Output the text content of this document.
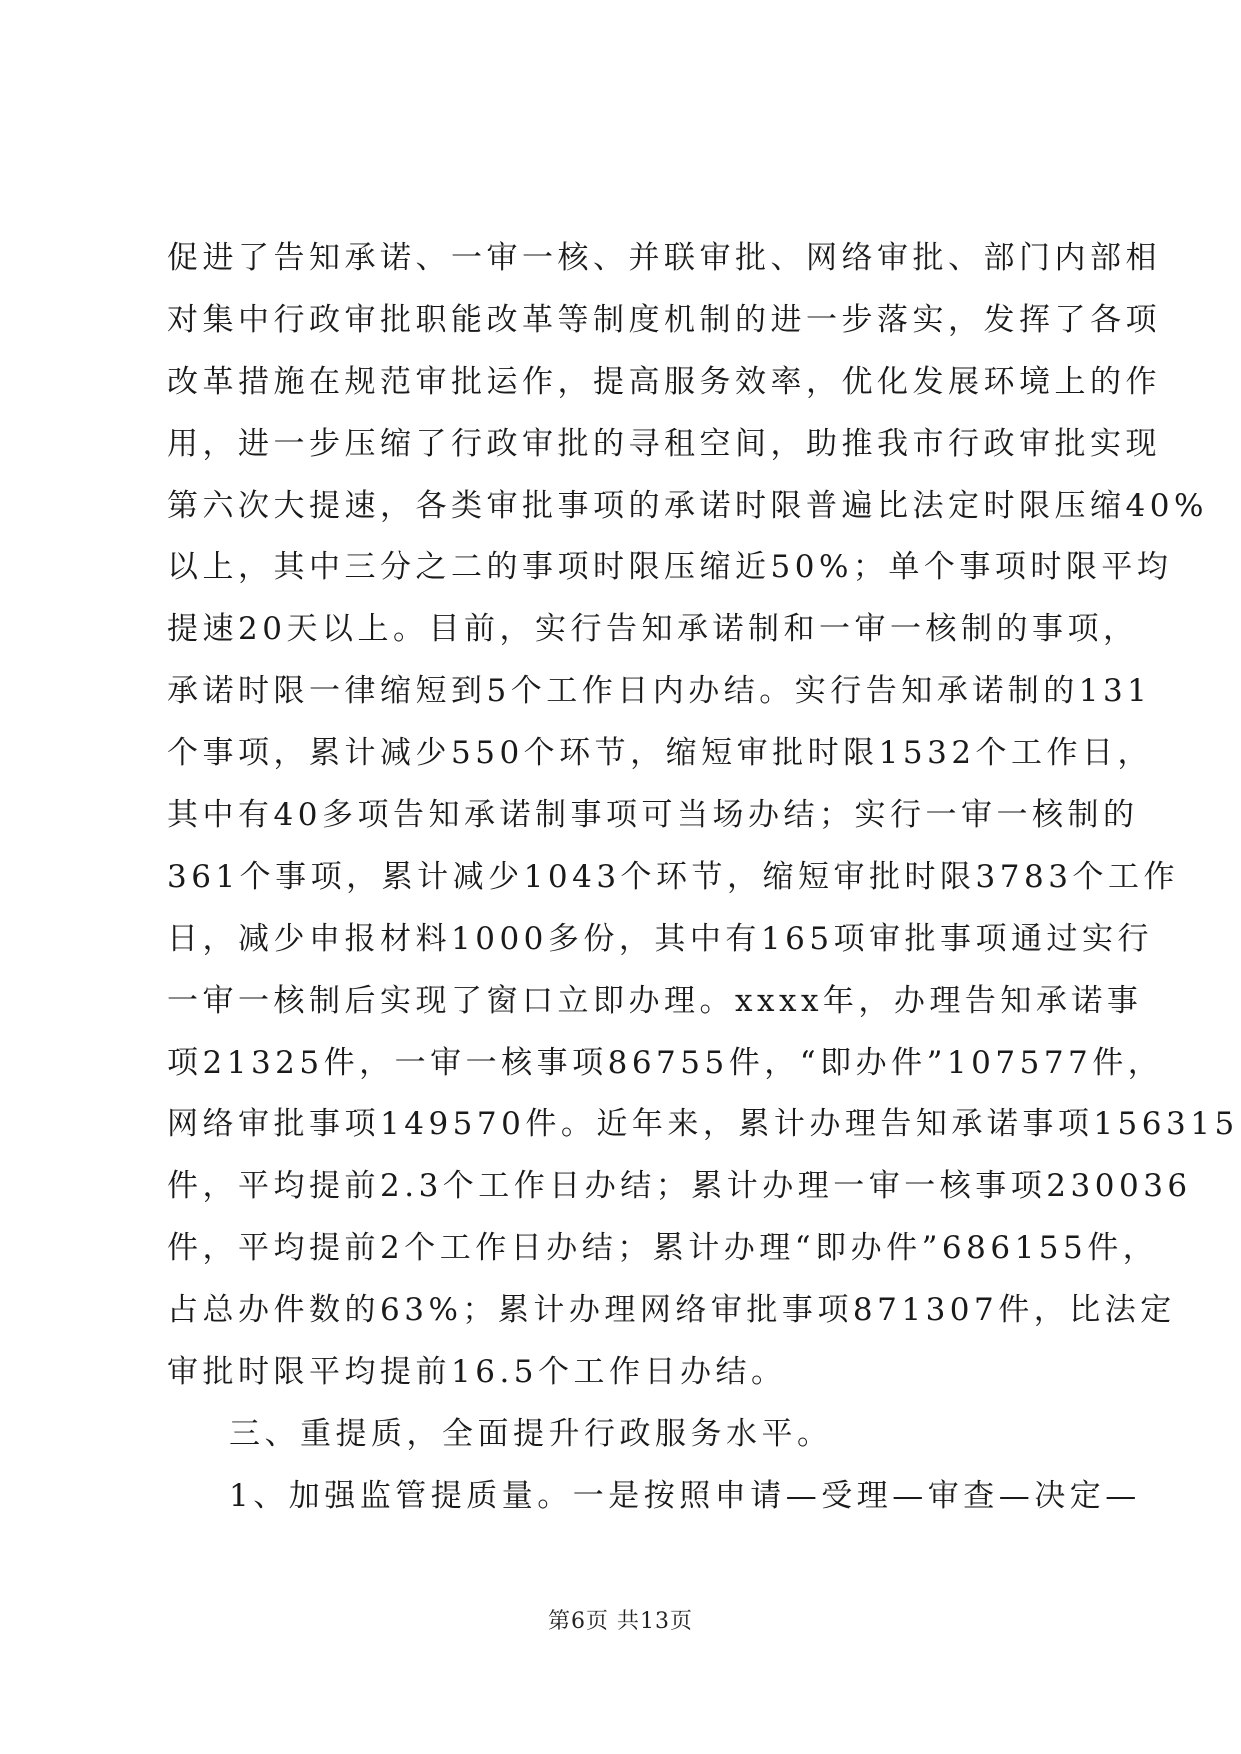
促进了告知承诺、一审一核、并联审批、网络审批、部门内部相
对集中行政审批职能改革等制度机制的进一步落实，发挥了各项
改革措施在规范审批运作，提高服务效率，优化发展环境上的作
用，进一步压缩了行政审批的寻租空间，助推我市行政审批实现
第六次大提速，各类审批事项的承诺时限普遍比法定时限压缩40%
以上，其中三分之二的事项时限压缩近50%；单个事项时限平均
提速20天以上。目前，实行告知承诺制和一审一核制的事项，
承诺时限一律缩短到5个工作日内办结。实行告知承诺制的131
个事项，累计减少550个环节，缩短审批时限1532个工作日，
其中有40多项告知承诺制事项可当场办结；实行一审一核制的
361个事项，累计减少1043个环节，缩短审批时限3783个工作
日，减少申报材料1000多份，其中有165项审批事项通过实行
一审一核制后实现了窗口立即办理。xxxx年，办理告知承诺事
项21325件，一审一核事项86755件，“即办件”107577件，
网络审批事项149570件。近年来，累计办理告知承诺事项156315
件，平均提前2.3个工作日办结；累计办理一审一核事项230036
件，平均提前2个工作日办结；累计办理“即办件”686155件，
占总办件数的63%；累计办理网络审批事项871307件，比法定
审批时限平均提前16.5个工作日办结。
三、重提质，全面提升行政服务水平。
1、加强监管提质量。一是按照申请—受理—审查—决定—
第6页 共13页
